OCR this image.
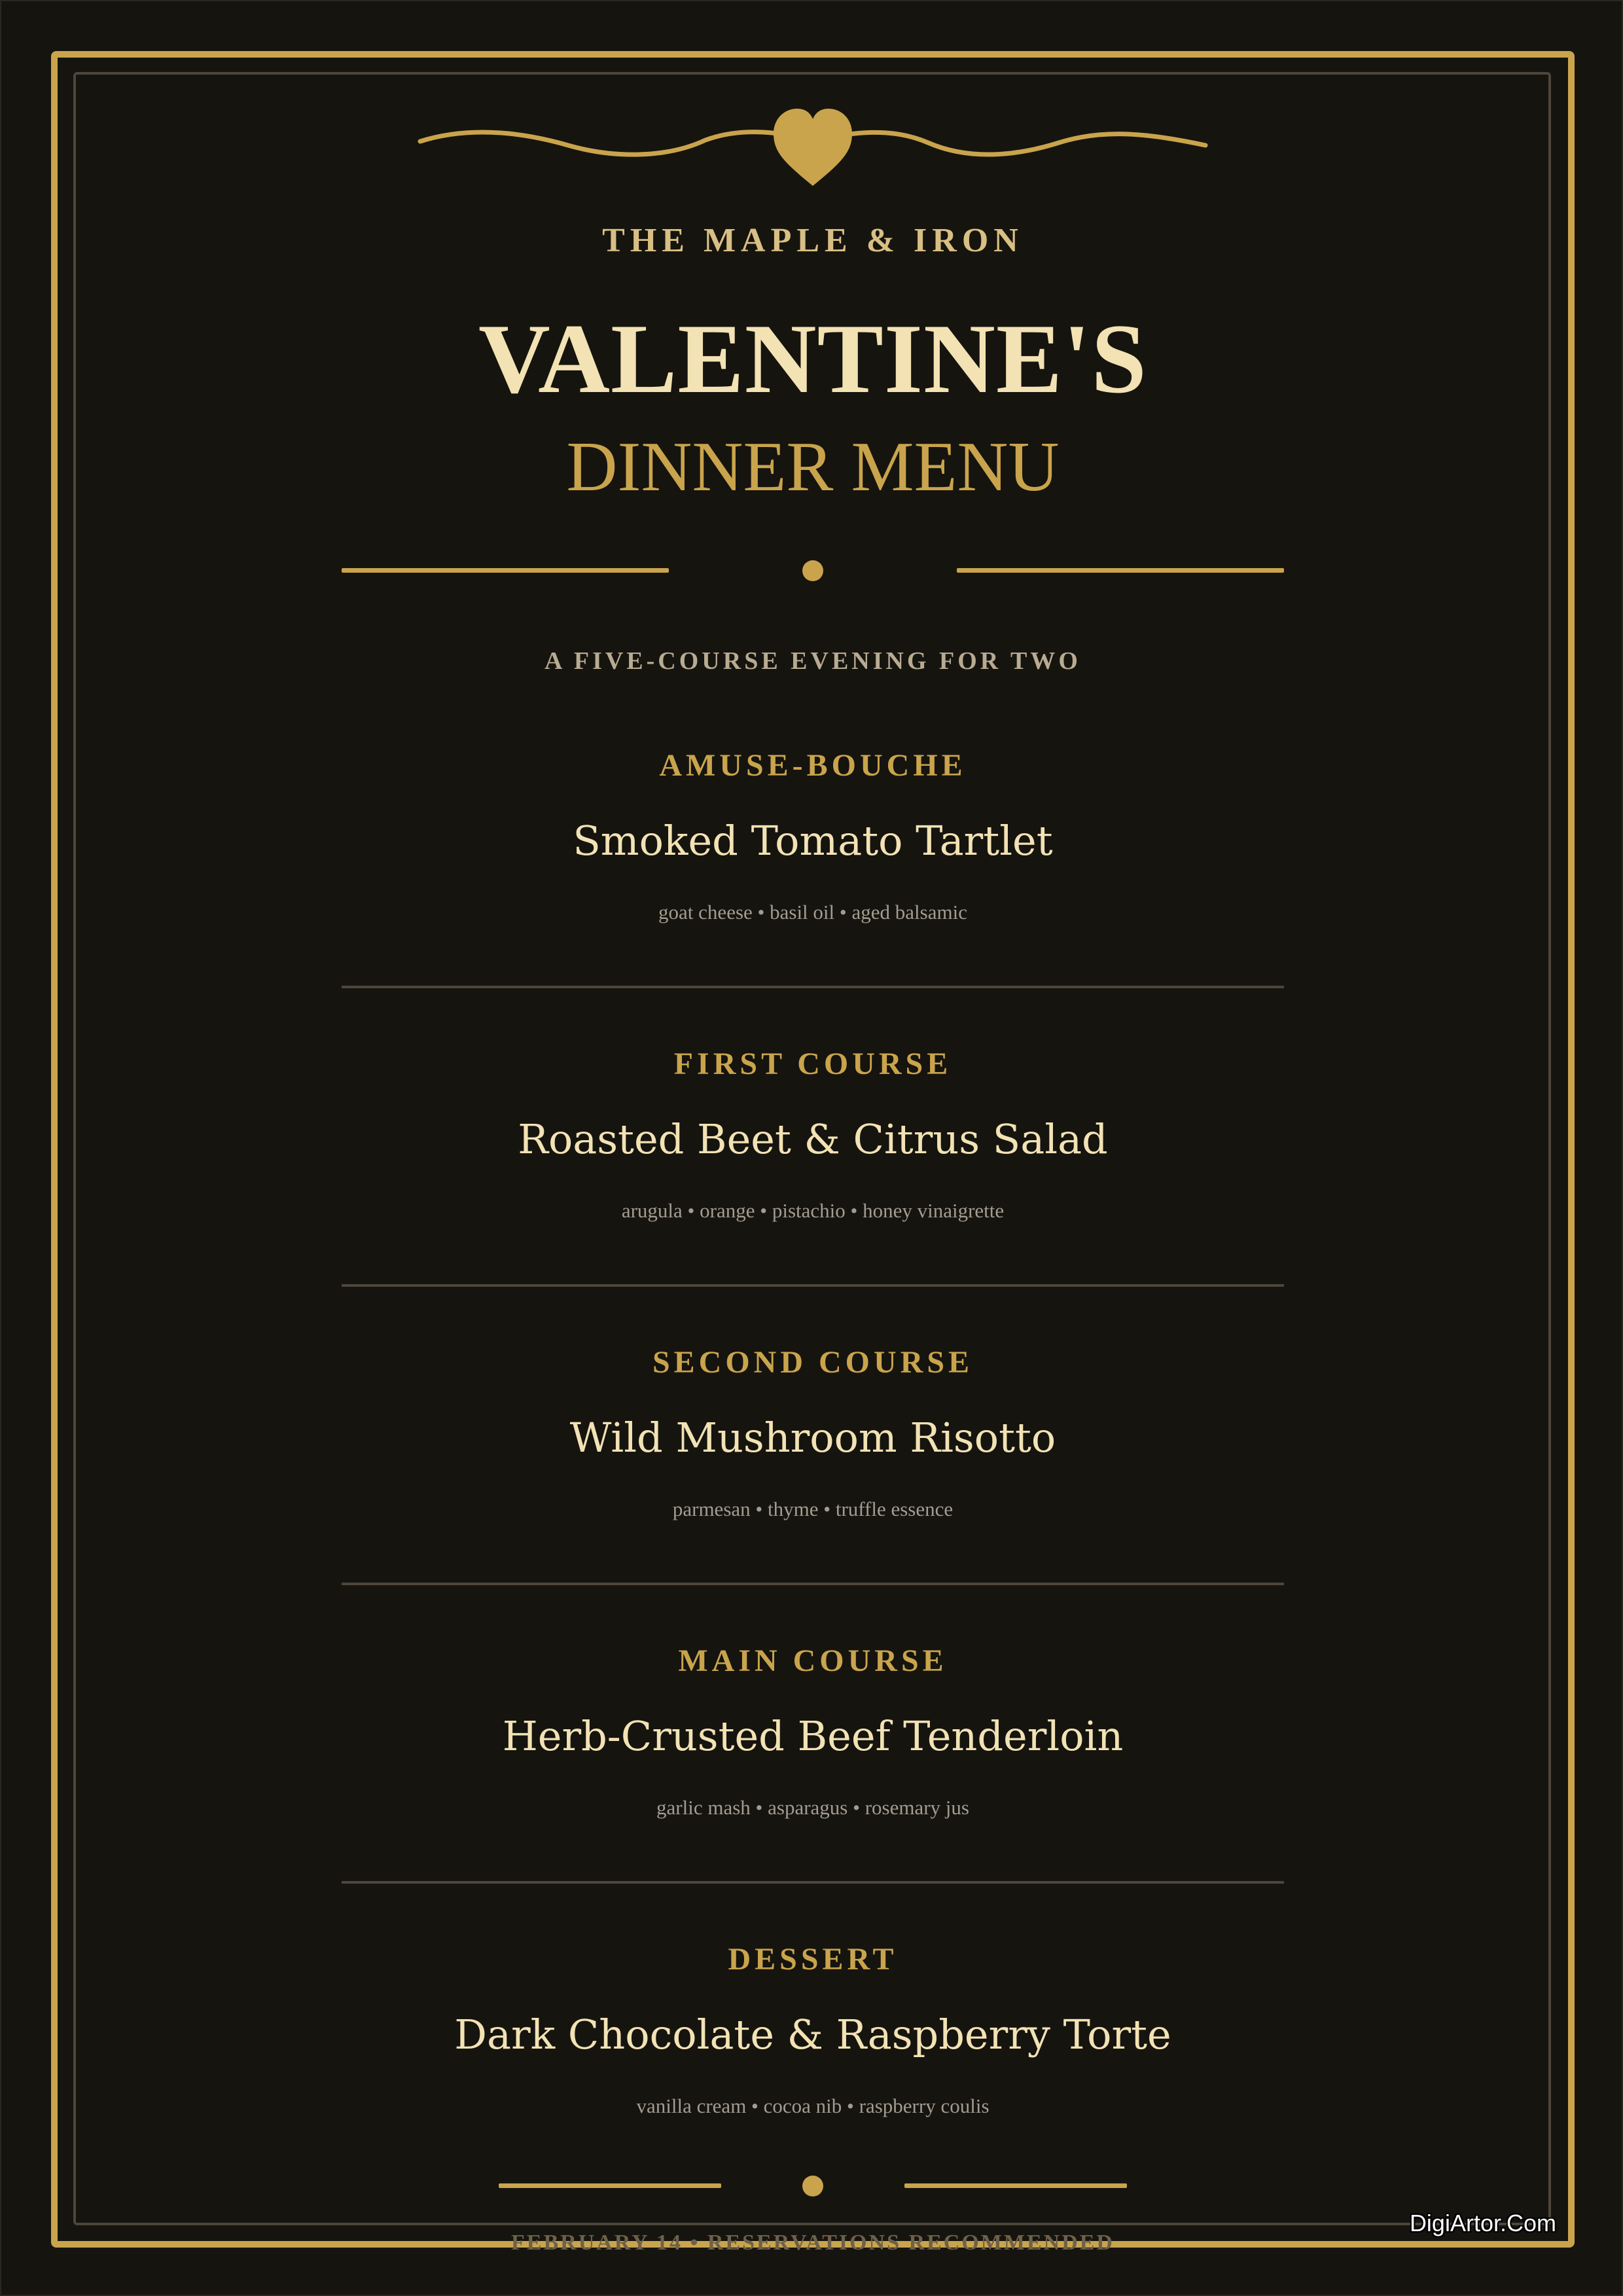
THE MAPLE & IRON

VALENTINE'S

DINNER MENU

A FIVE-COURSE EVENING FOR TWO

AMUSE-BOUCHE

Smoked Tomato Tartlet

goat cheese • basil oil • aged balsamic

FIRST COURSE

Roasted Beet & Citrus Salad

arugula • orange • pistachio • honey vinaigrette

SECOND COURSE

Wild Mushroom Risotto

parmesan • thyme • truffle essence

MAIN COURSE

Herb-Crusted Beef Tenderloin

garlic mash • asparagus • rosemary jus

DESSERT

Dark Chocolate & Raspberry Torte

vanilla cream • cocoa nib • raspberry coulis

FEBRUARY 14 • RESERVATIONS RECOMMENDED

DigiArtor.Com
